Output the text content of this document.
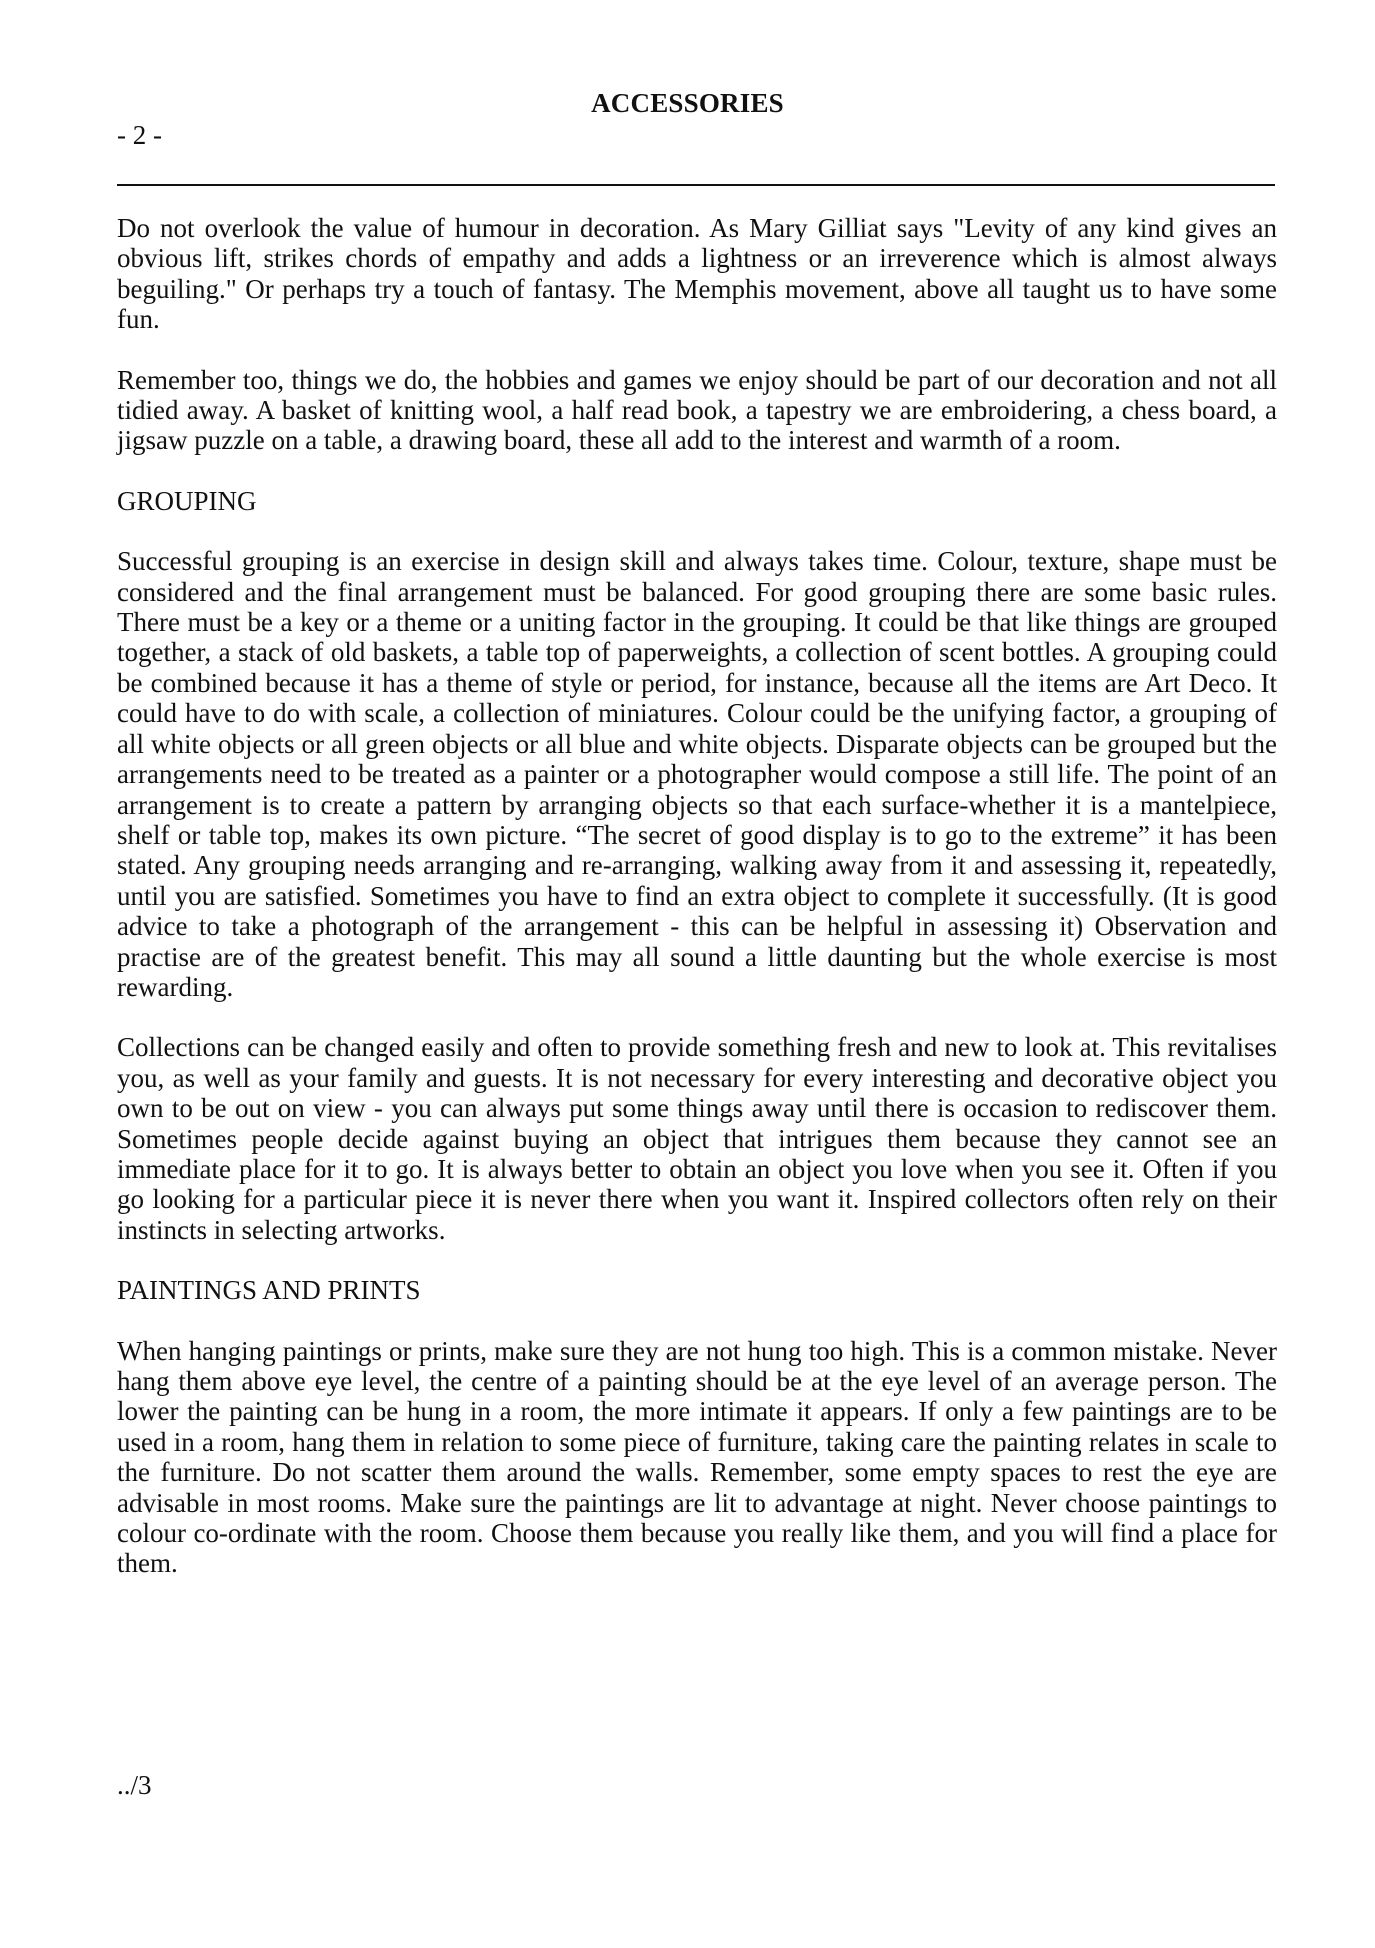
ACCESSORIES
- 2 -

Do not overlook the value of humour in decoration. As Mary Gilliat says "Levity of any kind gives an obvious lift, strikes chords of empathy and adds a lightness or an irreverence which is almost always beguiling." Or perhaps try a touch of fantasy. The Memphis movement, above all taught us to have some fun.

Remember too, things we do, the hobbies and games we enjoy should be part of our decoration and not all tidied away. A basket of knitting wool, a half read book, a tapestry we are embroidering, a chess board, a jigsaw puzzle on a table, a drawing board, these all add to the interest and warmth of a room.

GROUPING

Successful grouping is an exercise in design skill and always takes time. Colour, texture, shape must be considered and the final arrangement must be balanced. For good grouping there are some basic rules. There must be a key or a theme or a uniting factor in the grouping. It could be that like things are grouped together, a stack of old baskets, a table top of paperweights, a collection of scent bottles. A grouping could be combined because it has a theme of style or period, for instance, because all the items are Art Deco. It could have to do with scale, a collection of miniatures. Colour could be the unifying factor, a grouping of all white objects or all green objects or all blue and white objects. Disparate objects can be grouped but the arrangements need to be treated as a painter or a photographer would compose a still life. The point of an arrangement is to create a pattern by arranging objects so that each surface-whether it is a mantelpiece, shelf or table top, makes its own picture. “The secret of good display is to go to the extreme” it has been stated. Any grouping needs arranging and re-arranging, walking away from it and assessing it, repeatedly, until you are satisfied. Sometimes you have to find an extra object to complete it successfully. (It is good advice to take a photograph of the arrangement - this can be helpful in assessing it) Observation and practise are of the greatest benefit. This may all sound a little daunting but the whole exercise is most rewarding.

Collections can be changed easily and often to provide something fresh and new to look at. This revitalises you, as well as your family and guests. It is not necessary for every interesting and decorative object you own to be out on view - you can always put some things away until there is occasion to rediscover them. Sometimes people decide against buying an object that intrigues them because they cannot see an immediate place for it to go. It is always better to obtain an object you love when you see it. Often if you go looking for a particular piece it is never there when you want it. Inspired collectors often rely on their instincts in selecting artworks.

PAINTINGS AND PRINTS

When hanging paintings or prints, make sure they are not hung too high. This is a common mistake. Never hang them above eye level, the centre of a painting should be at the eye level of an average person. The lower the painting can be hung in a room, the more intimate it appears. If only a few paintings are to be used in a room, hang them in relation to some piece of furniture, taking care the painting relates in scale to the furniture. Do not scatter them around the walls. Remember, some empty spaces to rest the eye are advisable in most rooms. Make sure the paintings are lit to advantage at night. Never choose paintings to colour co-ordinate with the room. Choose them because you really like them, and you will find a place for them.

../3
